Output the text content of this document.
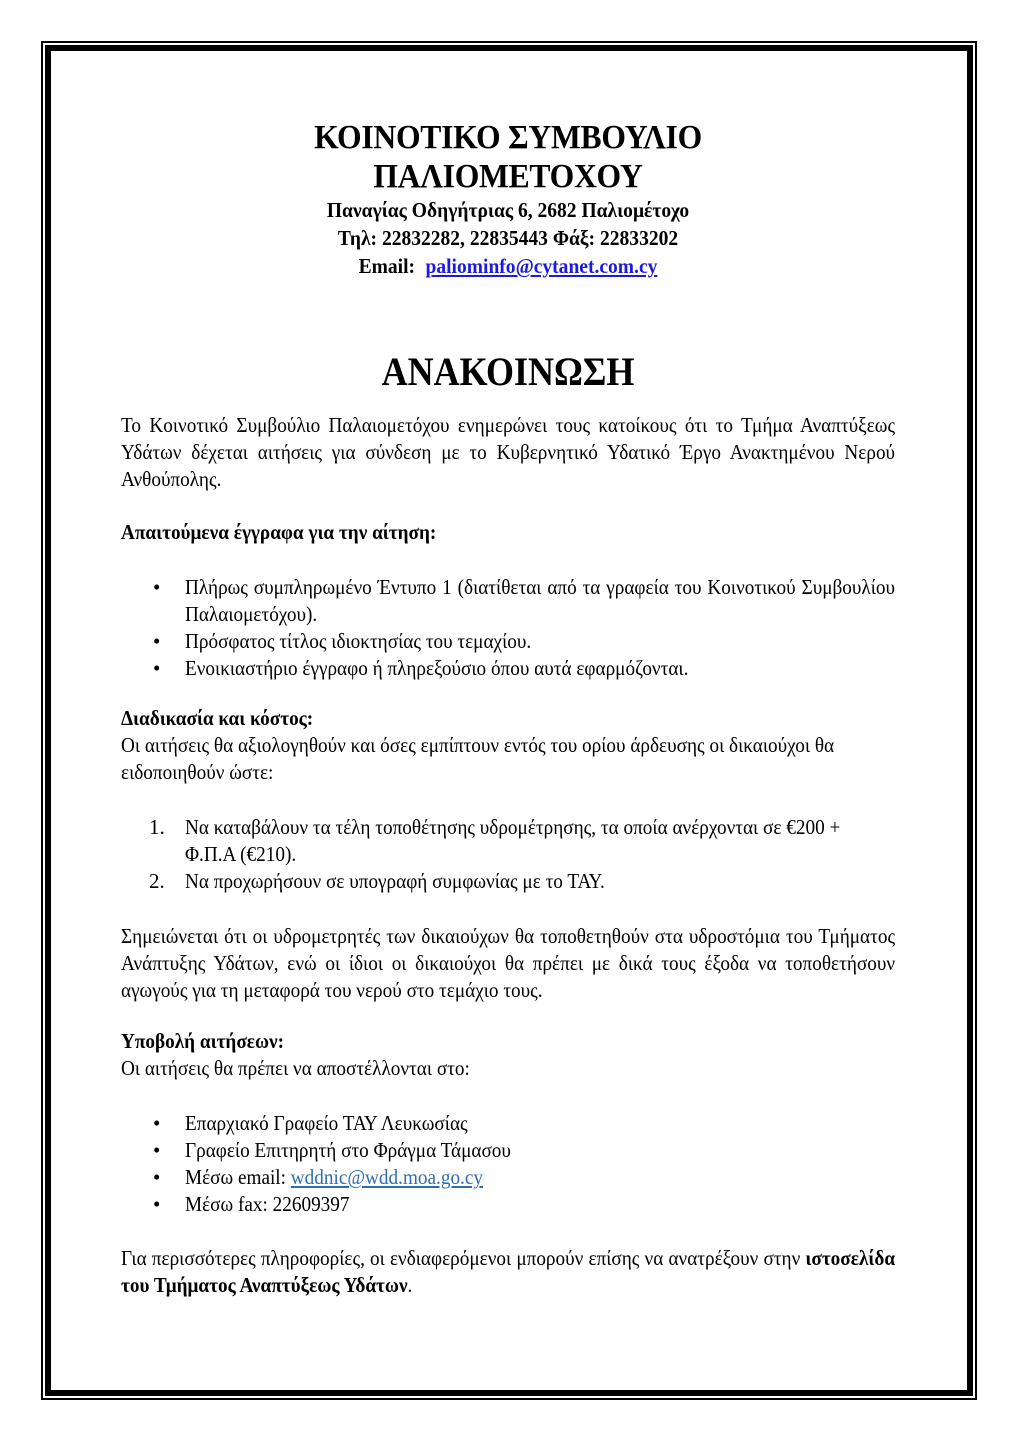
ΚΟΙΝΟΤΙΚΟ ΣΥΜΒΟΥΛΙΟ

ΠΑΛΙΟΜΕΤΟΧΟΥ

Παναγίας Οδηγήτριας 6, 2682 Παλιομέτοχο

Τηλ: 22832282, 22835443 Φάξ: 22833202

Email: paliominfo@cytanet.com.cy

ΑΝΑΚΟΙΝΩΣΗ

Το Κοινοτικό Συμβούλιο Παλαιομετόχου ενημερώνει τους κατοίκους ότι το Τμήμα Αναπτύξεως Υδάτων δέχεται αιτήσεις για σύνδεση με το Κυβερνητικό Υδατικό Έργο Ανακτημένου Νερού Ανθούπολης.

Απαιτούμενα έγγραφα για την αίτηση:

• Πλήρως συμπληρωμένο Έντυπο 1 (διατίθεται από τα γραφεία του Κοινοτικού Συμβουλίου Παλαιομετόχου).
• Πρόσφατος τίτλος ιδιοκτησίας του τεμαχίου.
• Ενοικιαστήριο έγγραφο ή πληρεξούσιο όπου αυτά εφαρμόζονται.

Διαδικασία και κόστος:

Οι αιτήσεις θα αξιολογηθούν και όσες εμπίπτουν εντός του ορίου άρδευσης οι δικαιούχοι θα ειδοποιηθούν ώστε:

1. Να καταβάλουν τα τέλη τοποθέτησης υδρομέτρησης, τα οποία ανέρχονται σε €200 + Φ.Π.Α (€210).
2. Να προχωρήσουν σε υπογραφή συμφωνίας με το ΤΑΥ.

Σημειώνεται ότι οι υδρομετρητές των δικαιούχων θα τοποθετηθούν στα υδροστόμια του Τμήματος Ανάπτυξης Υδάτων, ενώ οι ίδιοι οι δικαιούχοι θα πρέπει με δικά τους έξοδα να τοποθετήσουν αγωγούς για τη μεταφορά του νερού στο τεμάχιο τους.

Υποβολή αιτήσεων:

Οι αιτήσεις θα πρέπει να αποστέλλονται στο:

• Επαρχιακό Γραφείο ΤΑΥ Λευκωσίας
• Γραφείο Επιτηρητή στο Φράγμα Τάμασου
• Μέσω email: wddnic@wdd.moa.go.cy
• Μέσω fax: 22609397

Για περισσότερες πληροφορίες, οι ενδιαφερόμενοι μπορούν επίσης να ανατρέξουν στην ιστοσελίδα του Τμήματος Αναπτύξεως Υδάτων.
